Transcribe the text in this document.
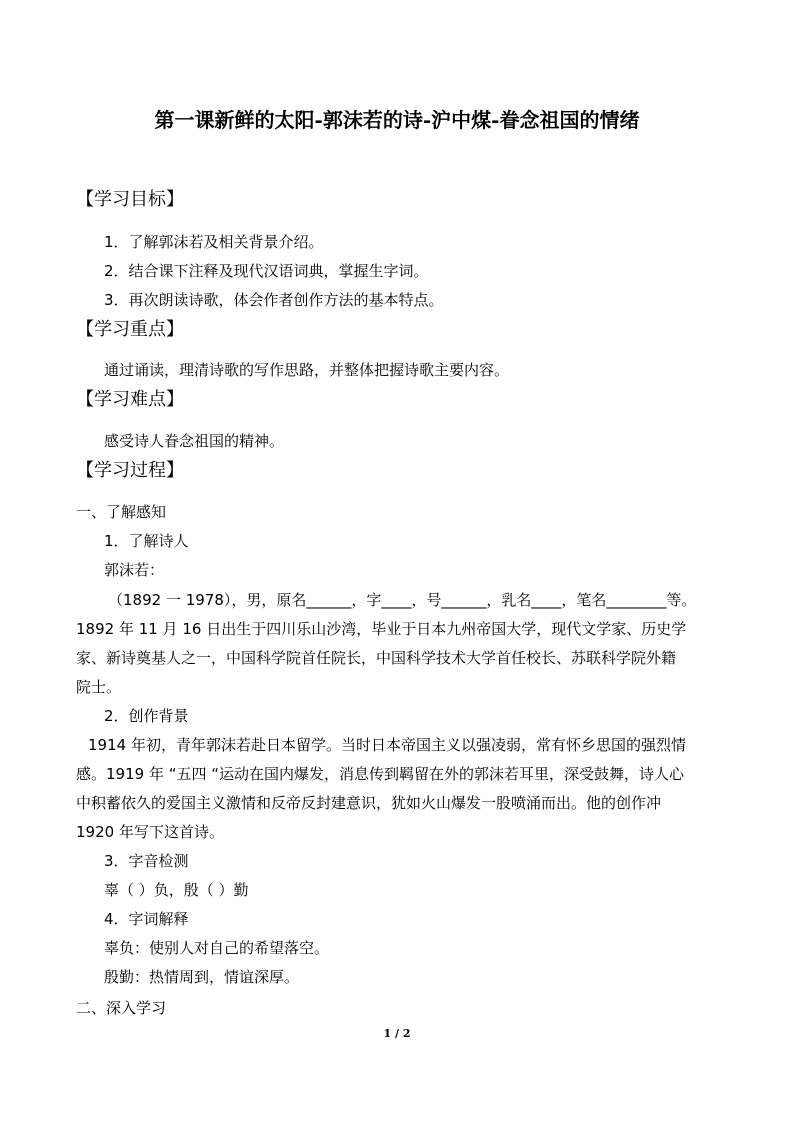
第一课新鲜的太阳-郭沫若的诗-沪中煤-眷念祖国的情绪
【学习目标】
1．了解郭沫若及相关背景介绍。
2．结合课下注释及现代汉语词典，掌握生字词。
3．再次朗读诗歌，体会作者创作方法的基本特点。
【学习重点】
通过诵读，理清诗歌的写作思路，并整体把握诗歌主要内容。
【学习难点】
感受诗人眷念祖国的精神。
【学习过程】
一、了解感知
1．了解诗人
郭沫若：
（1892 一 1978），男，原名______，字____，号______，乳名____，笔名________等。
1892 年 11 月 16 日出生于四川乐山沙湾，毕业于日本九州帝国大学，现代文学家、历史学
家、新诗奠基人之一，中国科学院首任院长，中国科学技术大学首任校长、苏联科学院外籍
院士。
2．创作背景
1914 年初，青年郭沫若赴日本留学。当时日本帝国主义以强凌弱，常有怀乡思国的强烈情
感。1919 年 “五四 “运动在国内爆发，消息传到羁留在外的郭沫若耳里，深受鼓舞，诗人心
中积蓄依久的爱国主义激情和反帝反封建意识，犹如火山爆发一股喷涌而出。他的创作冲
1920 年写下这首诗。
3．字音检测
辜（ ）负，殷（ ）勤
4．字词解释
辜负：使别人对自己的希望落空。
殷勤：热情周到，情谊深厚。
二、深入学习
1 / 2
